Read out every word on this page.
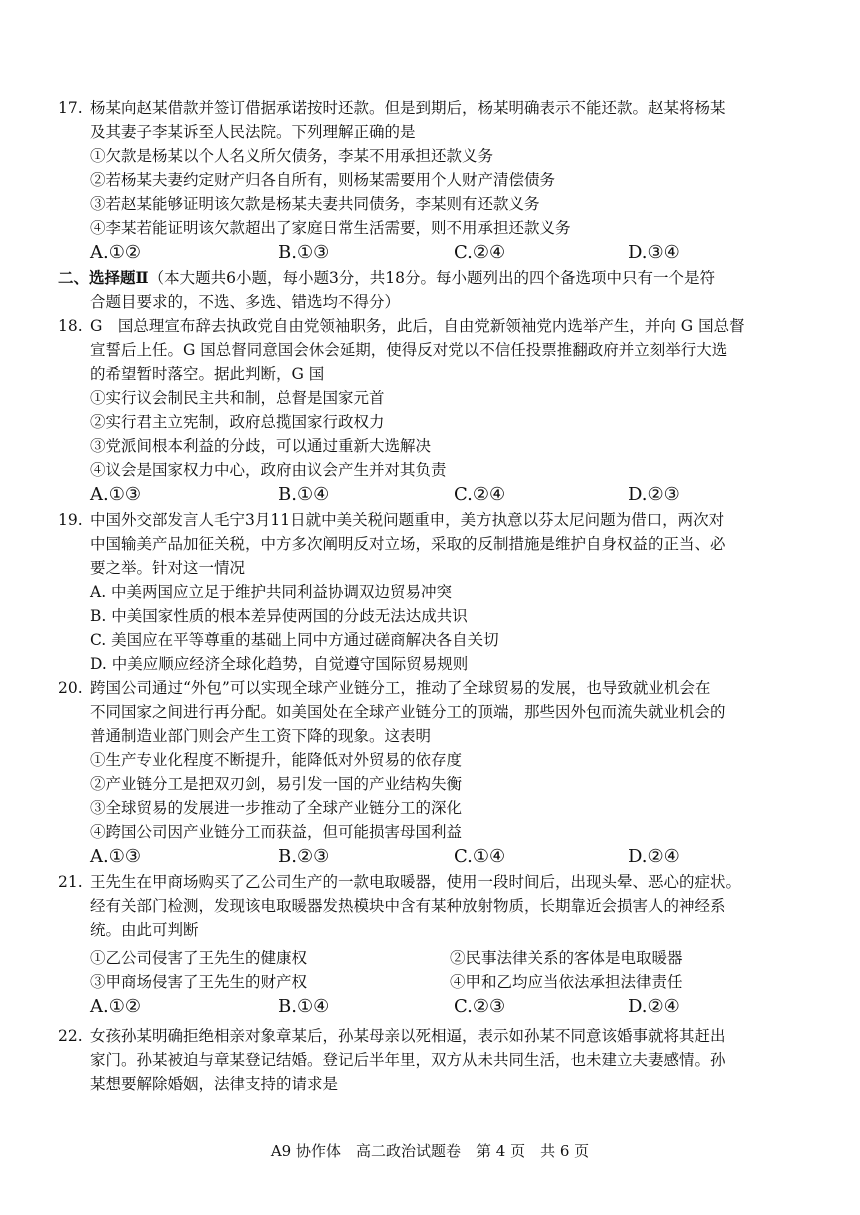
17. 杨某向赵某借款并签订借据承诺按时还款。但是到期后，杨某明确表示不能还款。赵某将杨某
及其妻子李某诉至人民法院。下列理解正确的是
①欠款是杨某以个人名义所欠债务，李某不用承担还款义务
②若杨某夫妻约定财产归各自所有，则杨某需要用个人财产清偿债务
③若赵某能够证明该欠款是杨某夫妻共同债务，李某则有还款义务
④李某若能证明该欠款超出了家庭日常生活需要，则不用承担还款义务
A.①②	B.①③	C.②④	D.③④
二、选择题Ⅱ（本大题共6小题，每小题3分，共18分。每小题列出的四个备选项中只有一个是符
合题目要求的，不选、多选、错选均不得分）
18. G　国总理宣布辞去执政党自由党领袖职务，此后，自由党新领袖党内选举产生，并向 G 国总督
宣誓后上任。G 国总督同意国会休会延期，使得反对党以不信任投票推翻政府并立刻举行大选
的希望暂时落空。据此判断，G 国
①实行议会制民主共和制，总督是国家元首
②实行君主立宪制，政府总揽国家行政权力
③党派间根本利益的分歧，可以通过重新大选解决
④议会是国家权力中心，政府由议会产生并对其负责
A.①③	B.①④	C.②④	D.②③
19. 中国外交部发言人毛宁3月11日就中美关税问题重申，美方执意以芬太尼问题为借口，两次对
中国输美产品加征关税，中方多次阐明反对立场，采取的反制措施是维护自身权益的正当、必
要之举。针对这一情况
A. 中美两国应立足于维护共同利益协调双边贸易冲突
B. 中美国家性质的根本差异使两国的分歧无法达成共识
C. 美国应在平等尊重的基础上同中方通过磋商解决各自关切
D. 中美应顺应经济全球化趋势，自觉遵守国际贸易规则
20. 跨国公司通过“外包”可以实现全球产业链分工，推动了全球贸易的发展，也导致就业机会在
不同国家之间进行再分配。如美国处在全球产业链分工的顶端，那些因外包而流失就业机会的
普通制造业部门则会产生工资下降的现象。这表明
①生产专业化程度不断提升，能降低对外贸易的依存度
②产业链分工是把双刃剑，易引发一国的产业结构失衡
③全球贸易的发展进一步推动了全球产业链分工的深化
④跨国公司因产业链分工而获益，但可能损害母国利益
A.①③	B.②③	C.①④	D.②④
21. 王先生在甲商场购买了乙公司生产的一款电取暖器，使用一段时间后，出现头晕、恶心的症状。
经有关部门检测，发现该电取暖器发热模块中含有某种放射物质，长期靠近会损害人的神经系
统。由此可判断
①乙公司侵害了王先生的健康权	②民事法律关系的客体是电取暖器
③甲商场侵害了王先生的财产权	④甲和乙均应当依法承担法律责任
A.①②	B.①④	C.②③	D.②④
22. 女孩孙某明确拒绝相亲对象章某后，孙某母亲以死相逼，表示如孙某不同意该婚事就将其赶出
家门。孙某被迫与章某登记结婚。登记后半年里，双方从未共同生活，也未建立夫妻感情。孙
某想要解除婚姻，法律支持的请求是
A9 协作体　高二政治试题卷　第 4 页　共 6 页
